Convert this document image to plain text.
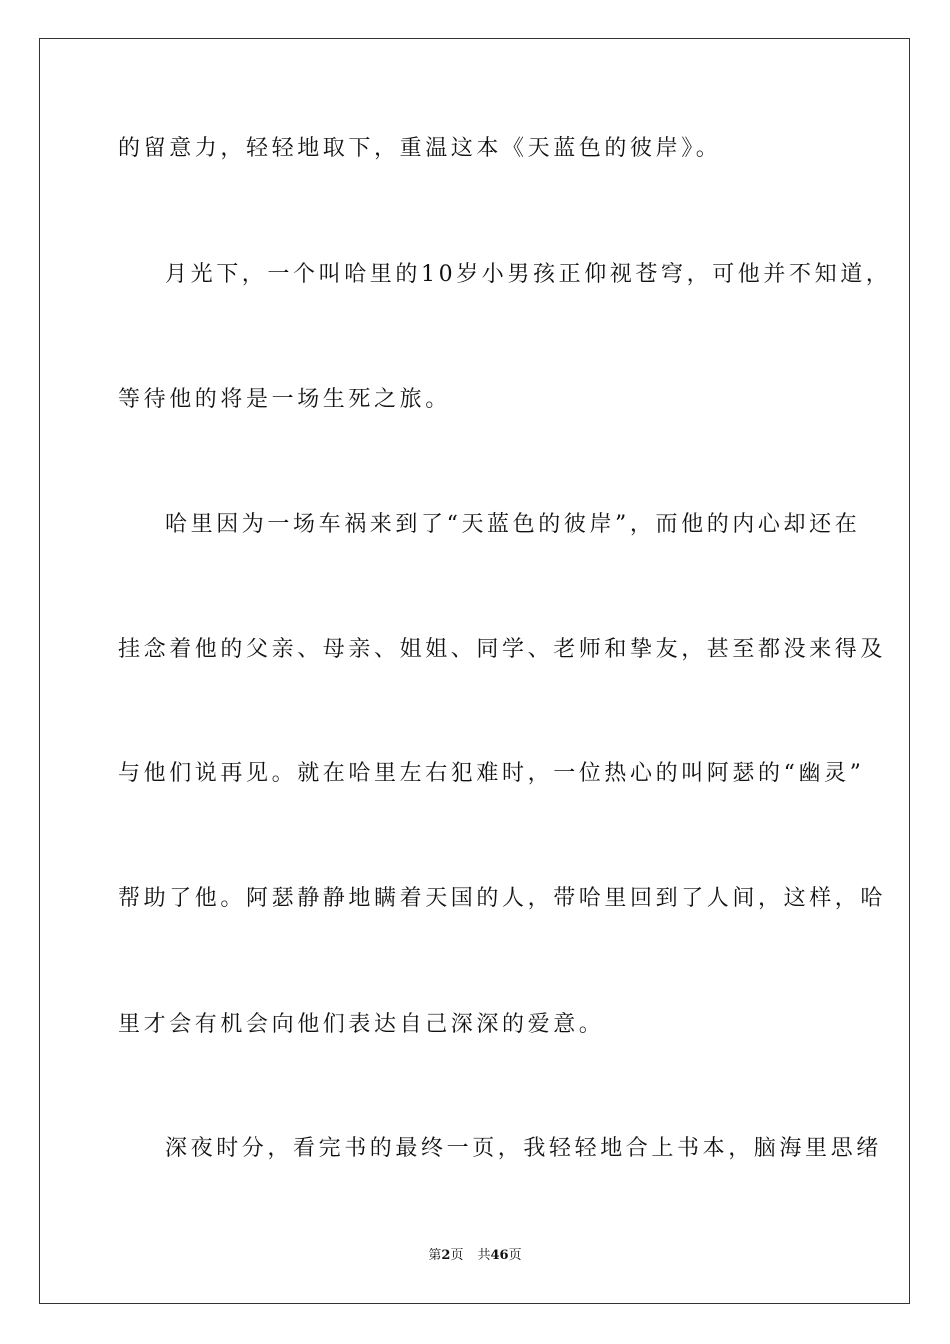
的留意力，轻轻地取下，重温这本《天蓝色的彼岸》。
月光下，一个叫哈里的10岁小男孩正仰视苍穹，可他并不知道，
等待他的将是一场生死之旅。
哈里因为一场车祸来到了“天蓝色的彼岸”，而他的内心却还在
挂念着他的父亲、母亲、姐姐、同学、老师和挚友，甚至都没来得及
与他们说再见。就在哈里左右犯难时，一位热心的叫阿瑟的“幽灵”
帮助了他。阿瑟静静地瞒着天国的人，带哈里回到了人间，这样，哈
里才会有机会向他们表达自己深深的爱意。
深夜时分，看完书的最终一页，我轻轻地合上书本，脑海里思绪
第2页 共46页
